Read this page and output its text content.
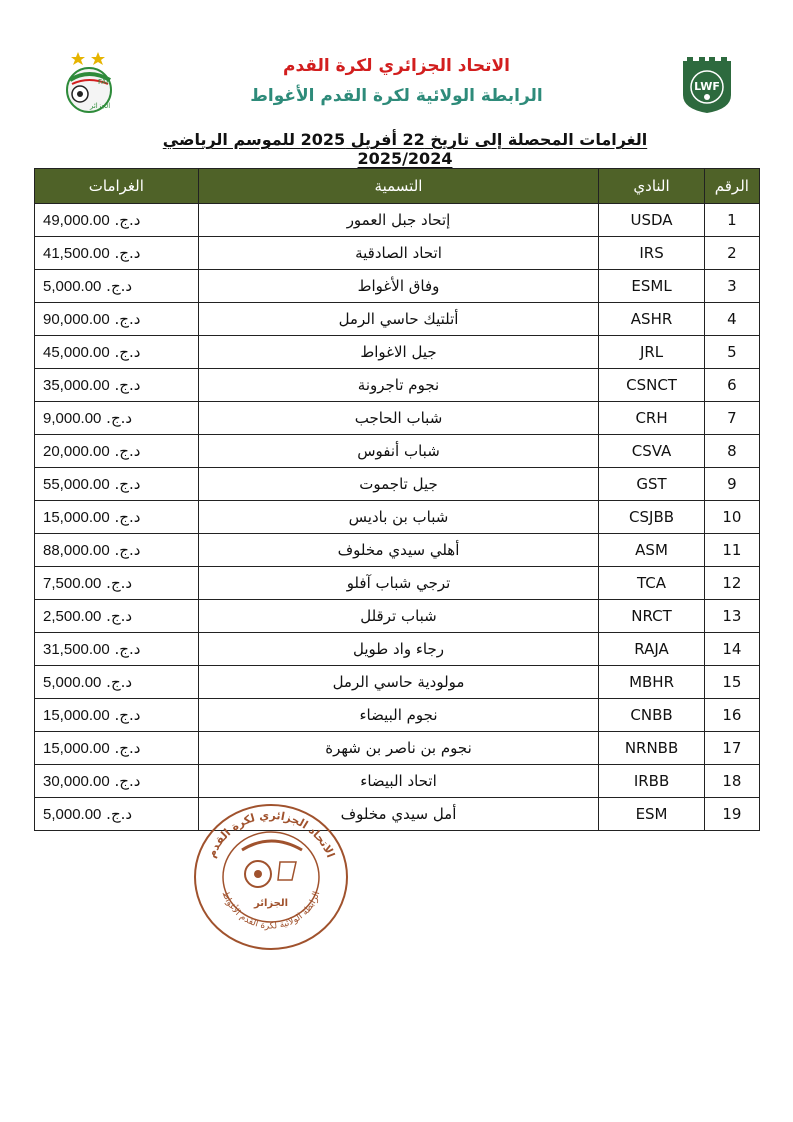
FAF
الجزائر
LWF
الاتحاد الجزائري لكرة القدم
الرابطة الولائية لكرة القدم الأغواط
الغرامات المحصلة إلى تاريخ 22 أفريل 2025 للموسم الرياضي 2025/2024
الغرامات	التسمية	النادي	الرقم
د.ج. 49,000.00	إتحاد جبل العمور	USDA	1
د.ج. 41,500.00	اتحاد الصادقية	IRS	2
د.ج. 5,000.00	وفاق الأغواط	ESML	3
د.ج. 90,000.00	أتلتيك حاسي الرمل	ASHR	4
د.ج. 45,000.00	جيل الاغواط	JRL	5
د.ج. 35,000.00	نجوم تاجرونة	CSNCT	6
د.ج. 9,000.00	شباب الحاجب	CRH	7
د.ج. 20,000.00	شباب أنفوس	CSVA	8
د.ج. 55,000.00	جيل تاجموت	GST	9
د.ج. 15,000.00	شباب بن باديس	CSJBB	10
د.ج. 88,000.00	أهلي سيدي مخلوف	ASM	11
د.ج. 7,500.00	ترجي شباب آفلو	TCA	12
د.ج. 2,500.00	شباب ترقلل	NRCT	13
د.ج. 31,500.00	رجاء واد طويل	RAJA	14
د.ج. 5,000.00	مولودية حاسي الرمل	MBHR	15
د.ج. 15,000.00	نجوم البيضاء	CNBB	16
د.ج. 15,000.00	نجوم بن ناصر بن شهرة	NRNBB	17
د.ج. 30,000.00	اتحاد البيضاء	IRBB	18
د.ج. 5,000.00	أمل سيدي مخلوف	ESM	19
الاتحاد الجزائري لكرة القدم
الرابطة الولائية لكرة القدم الأغواط
الجزائر
